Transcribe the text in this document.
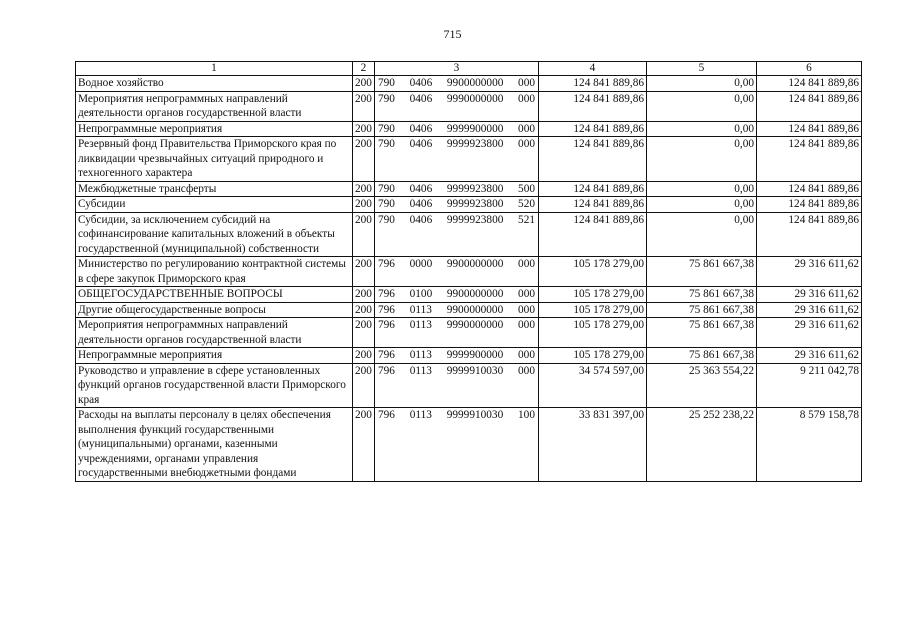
715
1	2	3	4	5	6
Водное хозяйство	200	790 0406 9900000000 000	124 841 889,86	0,00	124 841 889,86
Мероприятия непрограммных направлений деятельности органов государственной власти	200	790 0406 9990000000 000	124 841 889,86	0,00	124 841 889,86
Непрограммные мероприятия	200	790 0406 9999900000 000	124 841 889,86	0,00	124 841 889,86
Резервный фонд Правительства Приморского края по ликвидации чрезвычайных ситуаций природного и техногенного характера	200	790 0406 9999923800 000	124 841 889,86	0,00	124 841 889,86
Межбюджетные трансферты	200	790 0406 9999923800 500	124 841 889,86	0,00	124 841 889,86
Субсидии	200	790 0406 9999923800 520	124 841 889,86	0,00	124 841 889,86
Субсидии, за исключением субсидий на софинансирование капитальных вложений в объекты государственной (муниципальной) собственности	200	790 0406 9999923800 521	124 841 889,86	0,00	124 841 889,86
Министерство по регулированию контрактной системы в сфере закупок Приморского края	200	796 0000 9900000000 000	105 178 279,00	75 861 667,38	29 316 611,62
ОБЩЕГОСУДАРСТВЕННЫЕ ВОПРОСЫ	200	796 0100 9900000000 000	105 178 279,00	75 861 667,38	29 316 611,62
Другие общегосударственные вопросы	200	796 0113 9900000000 000	105 178 279,00	75 861 667,38	29 316 611,62
Мероприятия непрограммных направлений деятельности органов государственной власти	200	796 0113 9990000000 000	105 178 279,00	75 861 667,38	29 316 611,62
Непрограммные мероприятия	200	796 0113 9999900000 000	105 178 279,00	75 861 667,38	29 316 611,62
Руководство и управление в сфере установленных функций органов государственной власти Приморского края	200	796 0113 9999910030 000	34 574 597,00	25 363 554,22	9 211 042,78
Расходы на выплаты персоналу в целях обеспечения выполнения функций государственными (муниципальными) органами, казенными учреждениями, органами управления государственными внебюджетными фондами	200	796 0113 9999910030 100	33 831 397,00	25 252 238,22	8 579 158,78
